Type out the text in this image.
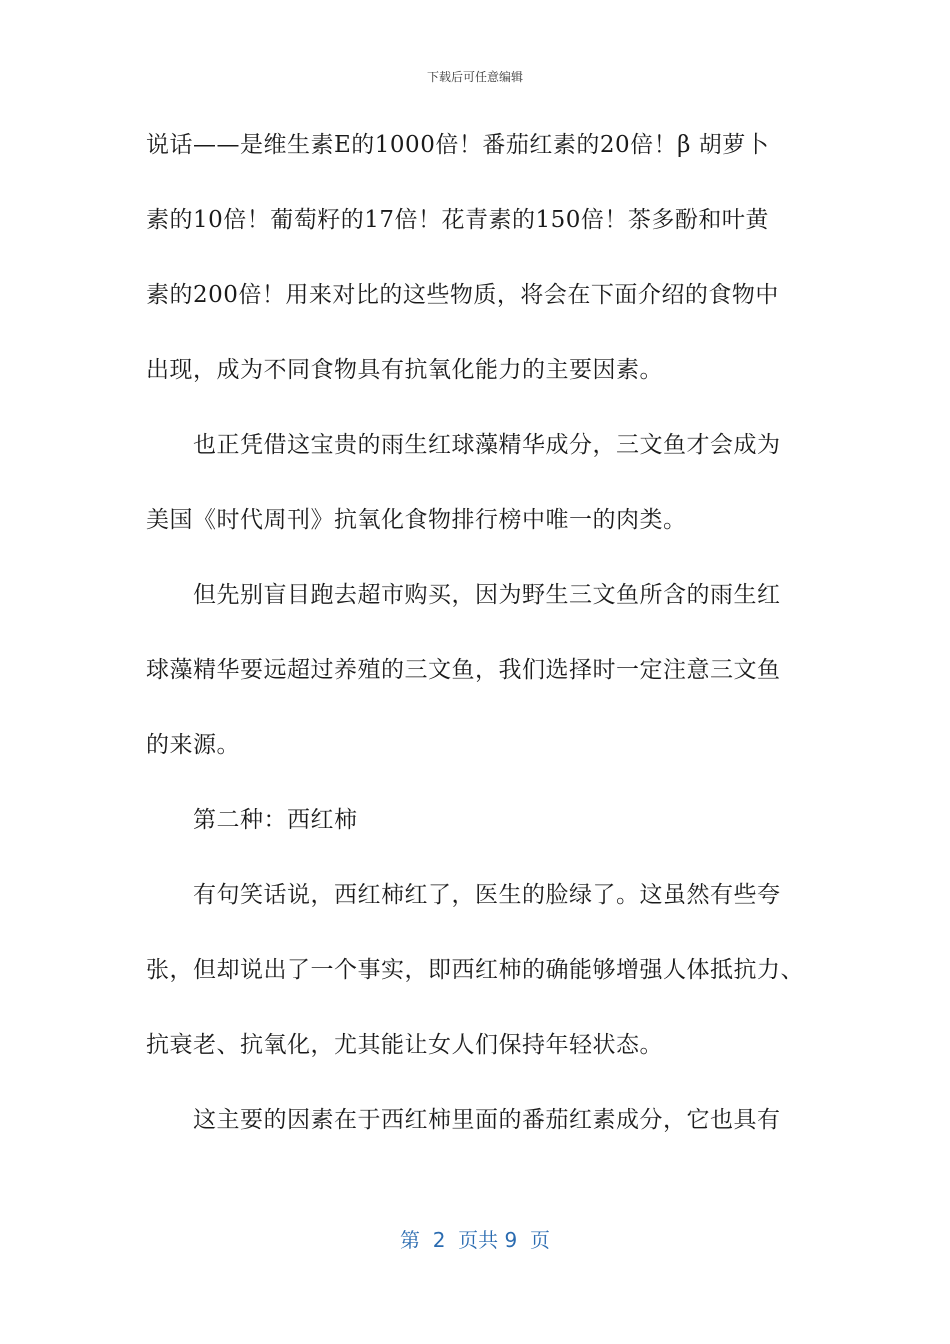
下载后可任意编辑
说话——是维生素E的1000倍！番茄红素的20倍！β 胡萝卜
素的10倍！葡萄籽的17倍！花青素的150倍！茶多酚和叶黄
素的200倍！用来对比的这些物质，将会在下面介绍的食物中
出现，成为不同食物具有抗氧化能力的主要因素。
也正凭借这宝贵的雨生红球藻精华成分，三文鱼才会成为
美国《时代周刊》抗氧化食物排行榜中唯一的肉类。
但先别盲目跑去超市购买，因为野生三文鱼所含的雨生红
球藻精华要远超过养殖的三文鱼，我们选择时一定注意三文鱼
的来源。
第二种：西红柿
有句笑话说，西红柿红了，医生的脸绿了。这虽然有些夸
张，但却说出了一个事实，即西红柿的确能够增强人体抵抗力、
抗衰老、抗氧化，尤其能让女人们保持年轻状态。
这主要的因素在于西红柿里面的番茄红素成分，它也具有
第  2  页共 9  页
